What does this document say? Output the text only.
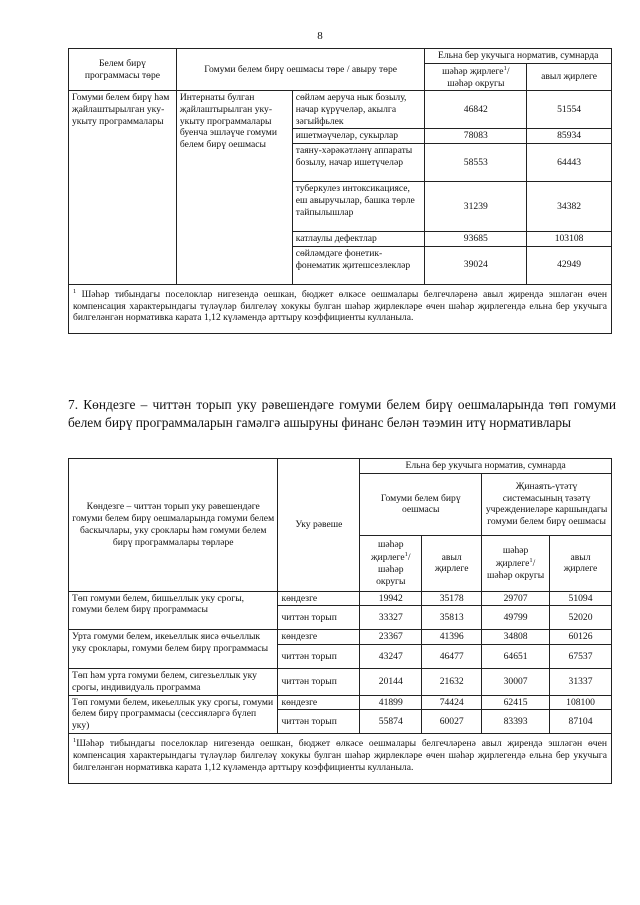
8
Белем бирү программасы төре	Гомуми белем бирү оешмасы төре / авыру төре		Ельна бер укучыга норматив, сумнарда	
			шәһәр җирлеге$^1$/ шәһәр округы	авыл җирлеге
Гомуми белем бирү һәм җайлаштырылган укy-укыту программалары	Интернаты булган җайлаштырылган уку-укыту программалары буенча эшләүче гомуми белем бирү оешмасы	сөйләм аеруча нык бозылу, начар күрүчеләр, акылга зәгыйфьлек	46842	51554
		ишетмәүчеләр, сукырлар	78083	85934
		таяну-хәрәкәтләнү аппараты бозылу, начар ишетүчеләр	58553	64443
		туберкулез интоксикациясе, еш авыручылар, башка төрле тайпылышлар	31239	34382
		катлаулы дефектлар	93685	103108
		сөйләмдәге фонетик-фонематик җитешсезлекләр	39024	42949
$^1$ Шәһәр тибындагы поселоклар нигезендә оешкан, бюджет өлкәсе оешмалары белгечләренә авыл җирендә эшләгән өчен компенсация характерындагы түләүләр билгеләү хокукы булган шәһәр җирлекләре өчен шәһәр җирлегендә ельна бер укучыга билгеләнгән нормативка карата 1,12 күләмендә арттыру коэффициенты кулланыла.				
7. Көндезге – читтән торып уку рәвешендәге гомуми белем бирү оешмаларында төп гомуми белем бирү программаларын гамәлгә ашыруны финанс белән тәэмин итү нормативлары
Көндезге – читтән торып уку рәвешендәге гомуми белем бирү оешмаларында гомуми белем баскычлары, уку сроклары һәм гомуми белем бирү программалары төрләре	Уку рәвеше	Ельна бер укучыга норматив, сумнарда			
		Гомуми белем бирү оешмасы		Җинаять-үтәтү системасының тәзәтү учреждениеләре каршындагы гомуми белем бирү оешмасы	
		шәһәр җирлеге$^1$/ шәһәр округы	авыл җирлеге	шәһәр җирлеге$^1$/ шәһәр округы	авыл җирлеге
Төп гомуми белем, бишьеллык уку срогы, гомуми белем бирү программасы	көндезге	19942	35178	29707	51094
	читтән торып	33327	35813	49799	52020
Урта гомуми белем, икеьеллык яисә өчьеллык уку сроклары, гомуми белем бирү программасы	көндезге	23367	41396	34808	60126
	читтән торып	43247	46477	64651	67537
Төп һәм урта гомуми белем, сигезьеллык уку срогы, индивидуаль программа	читтән торып	20144	21632	30007	31337
Төп гомуми белем, икеьеллык уку срогы, гомуми белем бирү программасы (сессияләргә бүлеп уку)	көндезге	41899	74424	62415	108100
	читтән торып	55874	60027	83393	87104
$^1$Шәһәр тибындагы поселоклар нигезендә оешкан, бюджет өлкәсе оешмалары белгечләренә авыл җирендә эшләгән өчен компенсация характерындагы түләүләр билгеләү хокукы булган шәһәр җирлекләре өчен шәһәр җирлегендә ельна бер укучыга билгеләнгән нормативка карата 1,12 күләмендә арттыру коэффициенты кулланыла.					
